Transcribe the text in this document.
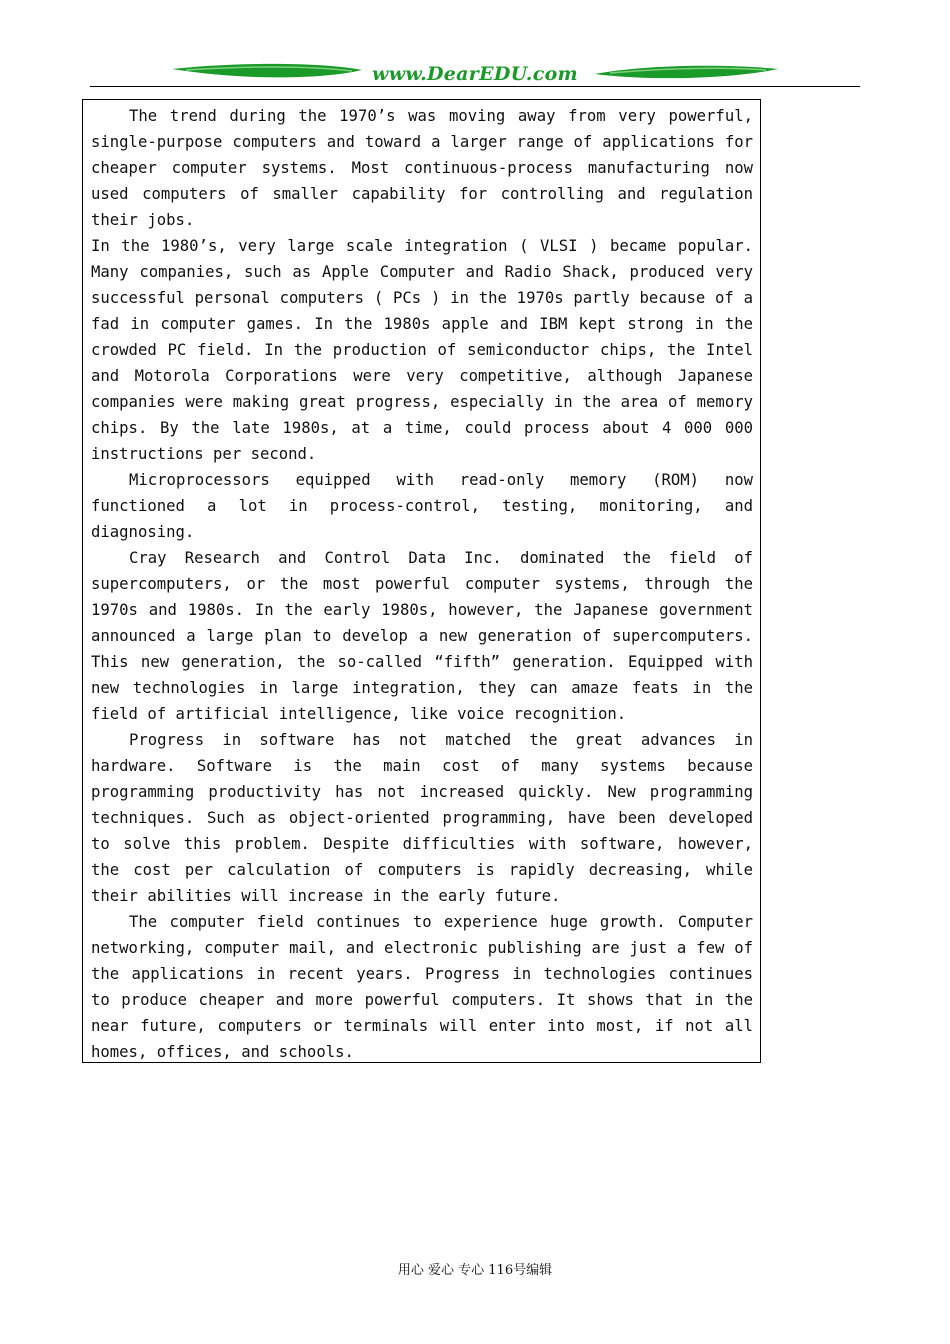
www.DearEDU.com

The trend during the 1970’s was moving away from very powerful, single-purpose computers and toward a larger range of applications for cheaper computer systems. Most continuous-process manufacturing now used computers of smaller capability for controlling and regulation their jobs.

In the 1980’s, very large scale integration ( VLSI ) became popular. Many companies, such as Apple Computer and Radio Shack, produced very successful personal computers ( PCs ) in the 1970s partly because of a fad in computer games. In the 1980s apple and IBM kept strong in the crowded PC field. In the production of semiconductor chips, the Intel and Motorola Corporations were very competitive, although Japanese companies were making great progress, especially in the area of memory chips. By the late 1980s, at a time, could process about 4 000 000 instructions per second.

Microprocessors equipped with read-only memory (ROM) now functioned a lot in process-control, testing, monitoring, and diagnosing.

Cray Research and Control Data Inc. dominated the field of supercomputers, or the most powerful computer systems, through the 1970s and 1980s. In the early 1980s, however, the Japanese government announced a large plan to develop a new generation of supercomputers. This new generation, the so-called “fifth” generation. Equipped with new technologies in large integration, they can amaze feats in the field of artificial intelligence, like voice recognition.

Progress in software has not matched the great advances in hardware. Software is the main cost of many systems because programming productivity has not increased quickly. New programming techniques. Such as object-oriented programming, have been developed to solve this problem. Despite difficulties with software, however, the cost per calculation of computers is rapidly decreasing, while their abilities will increase in the early future.

The computer field continues to experience huge growth. Computer networking, computer mail, and electronic publishing are just a few of the applications in recent years. Progress in technologies continues to produce cheaper and more powerful computers. It shows that in the near future, computers or terminals will enter into most, if not all homes, offices, and schools.

用心 爱心 专心 116号编辑
